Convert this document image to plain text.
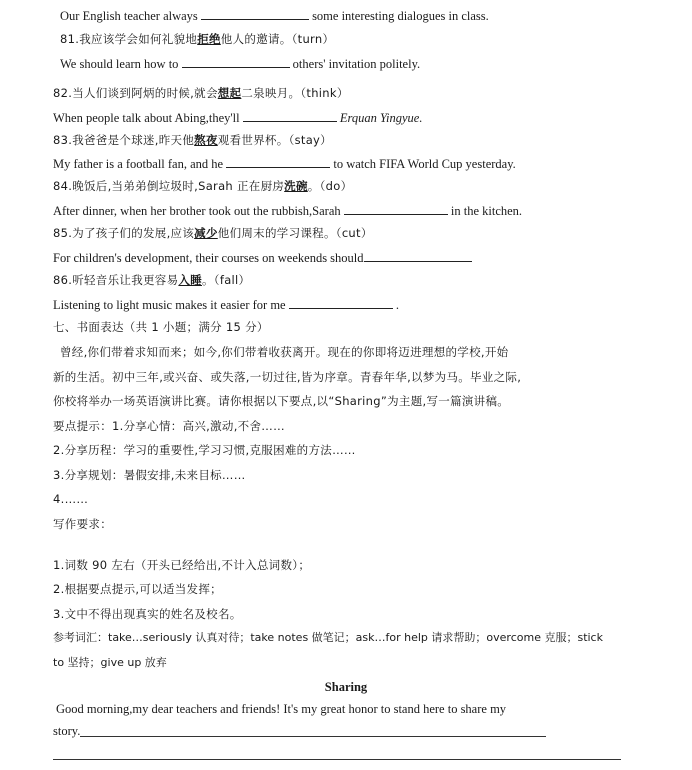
Our English teacher always	some interesting dialogues in class.
81.我应该学会如何礼貌地拒绝他人的邀请。（turn）
We should learn how to	others' invitation politely.
82.当人们谈到阿炳的时候,就会想起二泉映月。（think）
When people talk about Abing,they'll	Erquan Yingyue.
83.我爸爸是个球迷,昨天他熬夜观看世界杯。（stay）
My father is a football fan, and he	to watch FIFA World Cup yesterday.
84.晚饭后,当弟弟倒垃圾时,Sarah 正在厨房洗碗。（do）
After dinner, when her brother took out the rubbish,Sarah	in the kitchen.
85.为了孩子们的发展,应该减少他们周末的学习课程。（cut）
For children's development, their courses on weekends should
86.听轻音乐让我更容易入睡。（fall）
Listening to light music makes it easier for me	.
七、书面表达（共 1 小题；满分 15 分）
曾经,你们带着求知而来；如今,你们带着收获离开。现在的你即将迈进理想的学校,开始
新的生活。初中三年,或兴奋、或失落,一切过往,皆为序章。青春年华,以梦为马。毕业之际,
你校将举办一场英语演讲比赛。请你根据以下要点,以“Sharing”为主题,写一篇演讲稿。
要点提示：1.分享心情：高兴,激动,不舍……
2.分享历程：学习的重要性,学习习惯,克服困难的方法……
3.分享规划：暑假安排,未来目标……
4.……
写作要求：
1.词数 90 左右（开头已经给出,不计入总词数）；
2.根据要点提示,可以适当发挥；
3.文中不得出现真实的姓名及校名。
参考词汇：take…seriously 认真对待；take notes 做笔记；ask…for help 请求帮助；overcome 克服；stick
to 坚持；give up 放弃
Sharing
Good morning,my dear teachers and friends! It's my great honor to stand here to share my
story.
